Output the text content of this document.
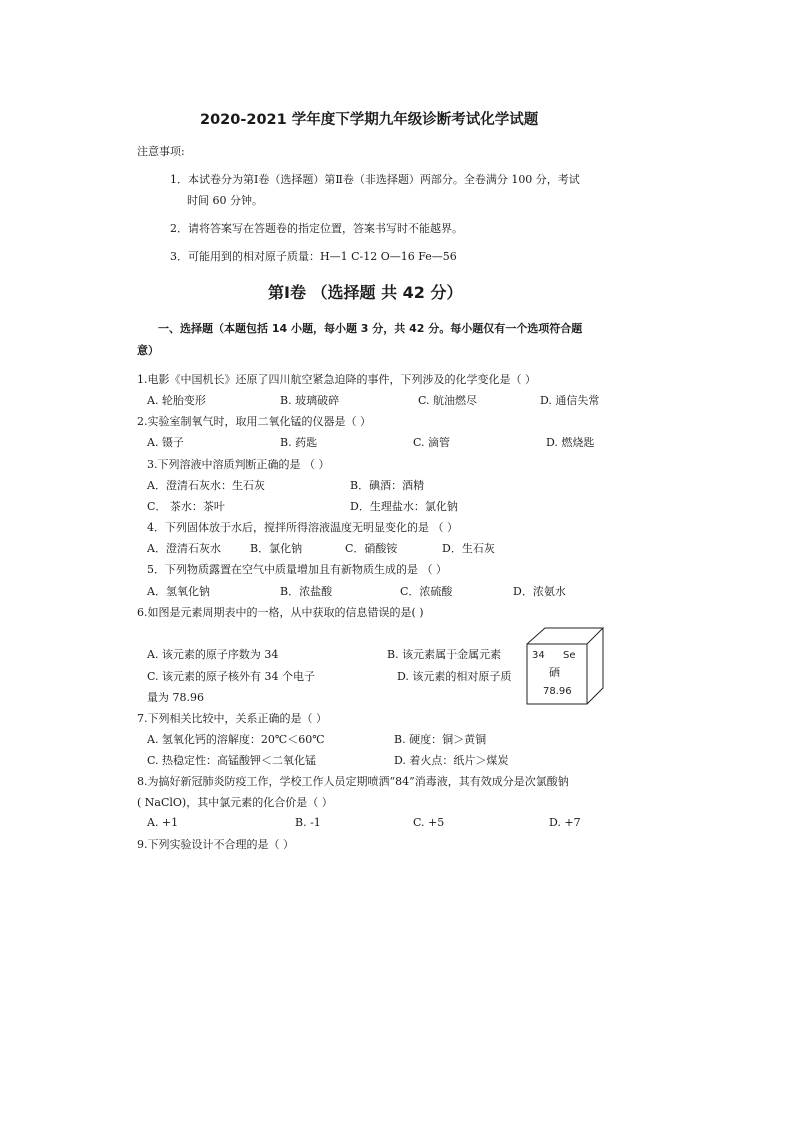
2020-2021 学年度下学期九年级诊断考试化学试题
注意事项:
1．本试卷分为第Ⅰ卷（选择题）第Ⅱ卷（非选择题）两部分。全卷满分 100 分，考试
时间 60 分钟。
2．请将答案写在答题卷的指定位置，答案书写时不能越界。
3．可能用到的相对原子质量：H—1 C-12 O—16 Fe—56
第Ⅰ卷 （选择题 共 42 分）
一、选择题（本题包括 14 小题，每小题 3 分，共 42 分。每小题仅有一个选项符合题
意）
1.电影《中国机长》还原了四川航空紧急迫降的事件，下列涉及的化学变化是（ ）
A. 轮胎变形	B. 玻璃破碎	C. 航油燃尽	D. 通信失常
2.实验室制氧气时，取用二氧化锰的仪器是（ ）
A. 镊子	B. 药匙	C. 滴管	D. 燃烧匙
3.下列溶液中溶质判断正确的是 （ ）
A．澄清石灰水：生石灰	B．碘酒：酒精
C． 茶水：茶叶	D．生理盐水：氯化钠
4．下列固体放于水后，搅拌所得溶液温度无明显变化的是 （ ）
A．澄清石灰水	B．氯化钠	C．硝酸铵	D．生石灰
5．下列物质露置在空气中质量增加且有新物质生成的是 （ ）
A．氢氧化钠	B．浓盐酸	C．浓硫酸	D．浓氨水
6.如图是元素周期表中的一格，从中获取的信息错误的是( )
A. 该元素的原子序数为 34	B. 该元素属于金属元素
C. 该元素的原子核外有 34 个电子	D. 该元素的相对原子质
量为 78.96
34 Se
硒
78.96
7.下列相关比较中，关系正确的是（ ）
A. 氢氧化钙的溶解度：20℃＜60℃	B. 硬度：铜＞黄铜
C. 热稳定性：高锰酸钾＜二氧化锰	D. 着火点：纸片＞煤炭
8.为搞好新冠肺炎防疫工作，学校工作人员定期喷洒“84”消毒液，其有效成分是次氯酸钠
( NaClO)，其中氯元素的化合价是（ ）
A. +1	B. -1	C. +5	D. +7
9.下列实验设计不合理的是（ ）
